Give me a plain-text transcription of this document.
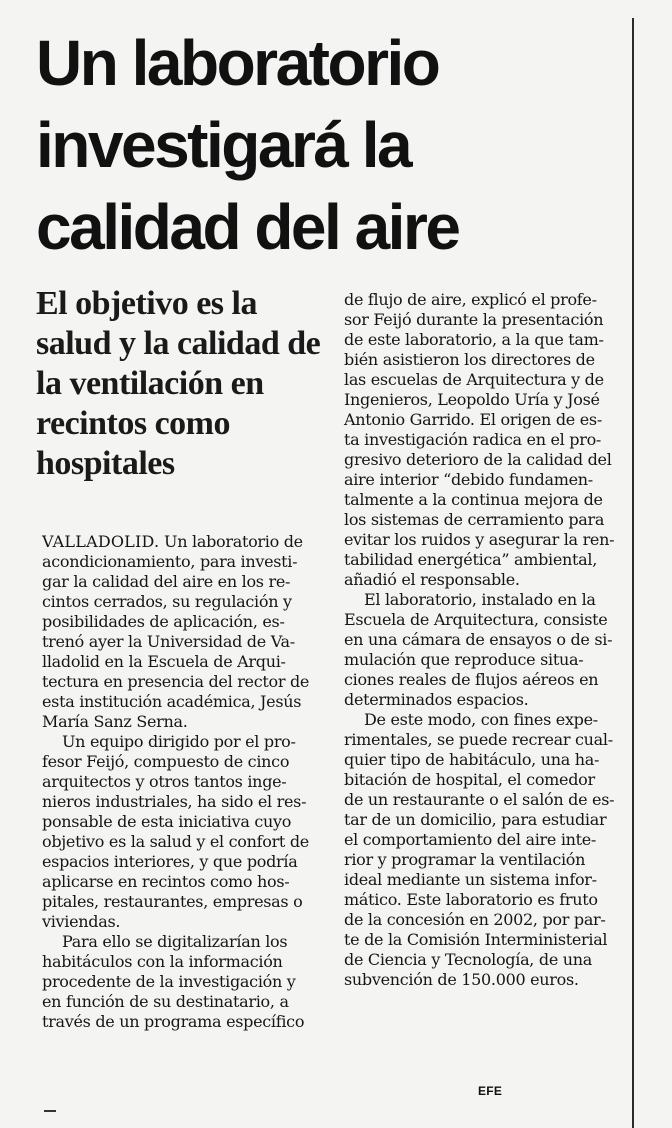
Un laboratorio
investigará la
calidad del aire
El objetivo es la
salud y la calidad de
la ventilación en
recintos como
hospitales

VALLADOLID. Un laboratorio de
acondicionamiento, para investi-
gar la calidad del aire en los re-
cintos cerrados, su regulación y
posibilidades de aplicación, es-
trenó ayer la Universidad de Va-
lladolid en la Escuela de Arqui-
tectura en presencia del rector de
esta institución académica, Jesús
María Sanz Serna.

Un equipo dirigido por el pro-
fesor Feijó, compuesto de cinco
arquitectos y otros tantos inge-
nieros industriales, ha sido el res-
ponsable de esta iniciativa cuyo
objetivo es la salud y el confort de
espacios interiores, y que podría
aplicarse en recintos como hos-
pitales, restaurantes, empresas o
viviendas.

Para ello se digitalizarían los
habitáculos con la información
procedente de la investigación y
en función de su destinatario, a
través de un programa específico

de flujo de aire, explicó el profe-
sor Feijó durante la presentación
de este laboratorio, a la que tam-
bién asistieron los directores de
las escuelas de Arquitectura y de
Ingenieros, Leopoldo Uría y José
Antonio Garrido. El origen de es-
ta investigación radica en el pro-
gresivo deterioro de la calidad del
aire interior “debido fundamen-
talmente a la continua mejora de
los sistemas de cerramiento para
evitar los ruidos y asegurar la ren-
tabilidad energética” ambiental,
añadió el responsable.

El laboratorio, instalado en la
Escuela de Arquitectura, consiste
en una cámara de ensayos o de si-
mulación que reproduce situa-
ciones reales de flujos aéreos en
determinados espacios.

De este modo, con fines expe-
rimentales, se puede recrear cual-
quier tipo de habitáculo, una ha-
bitación de hospital, el comedor
de un restaurante o el salón de es-
tar de un domicilio, para estudiar
el comportamiento del aire inte-
rior y programar la ventilación
ideal mediante un sistema infor-
mático. Este laboratorio es fruto
de la concesión en 2002, por par-
te de la Comisión Interministerial
de Ciencia y Tecnología, de una
subvención de 150.000 euros.

EFE
